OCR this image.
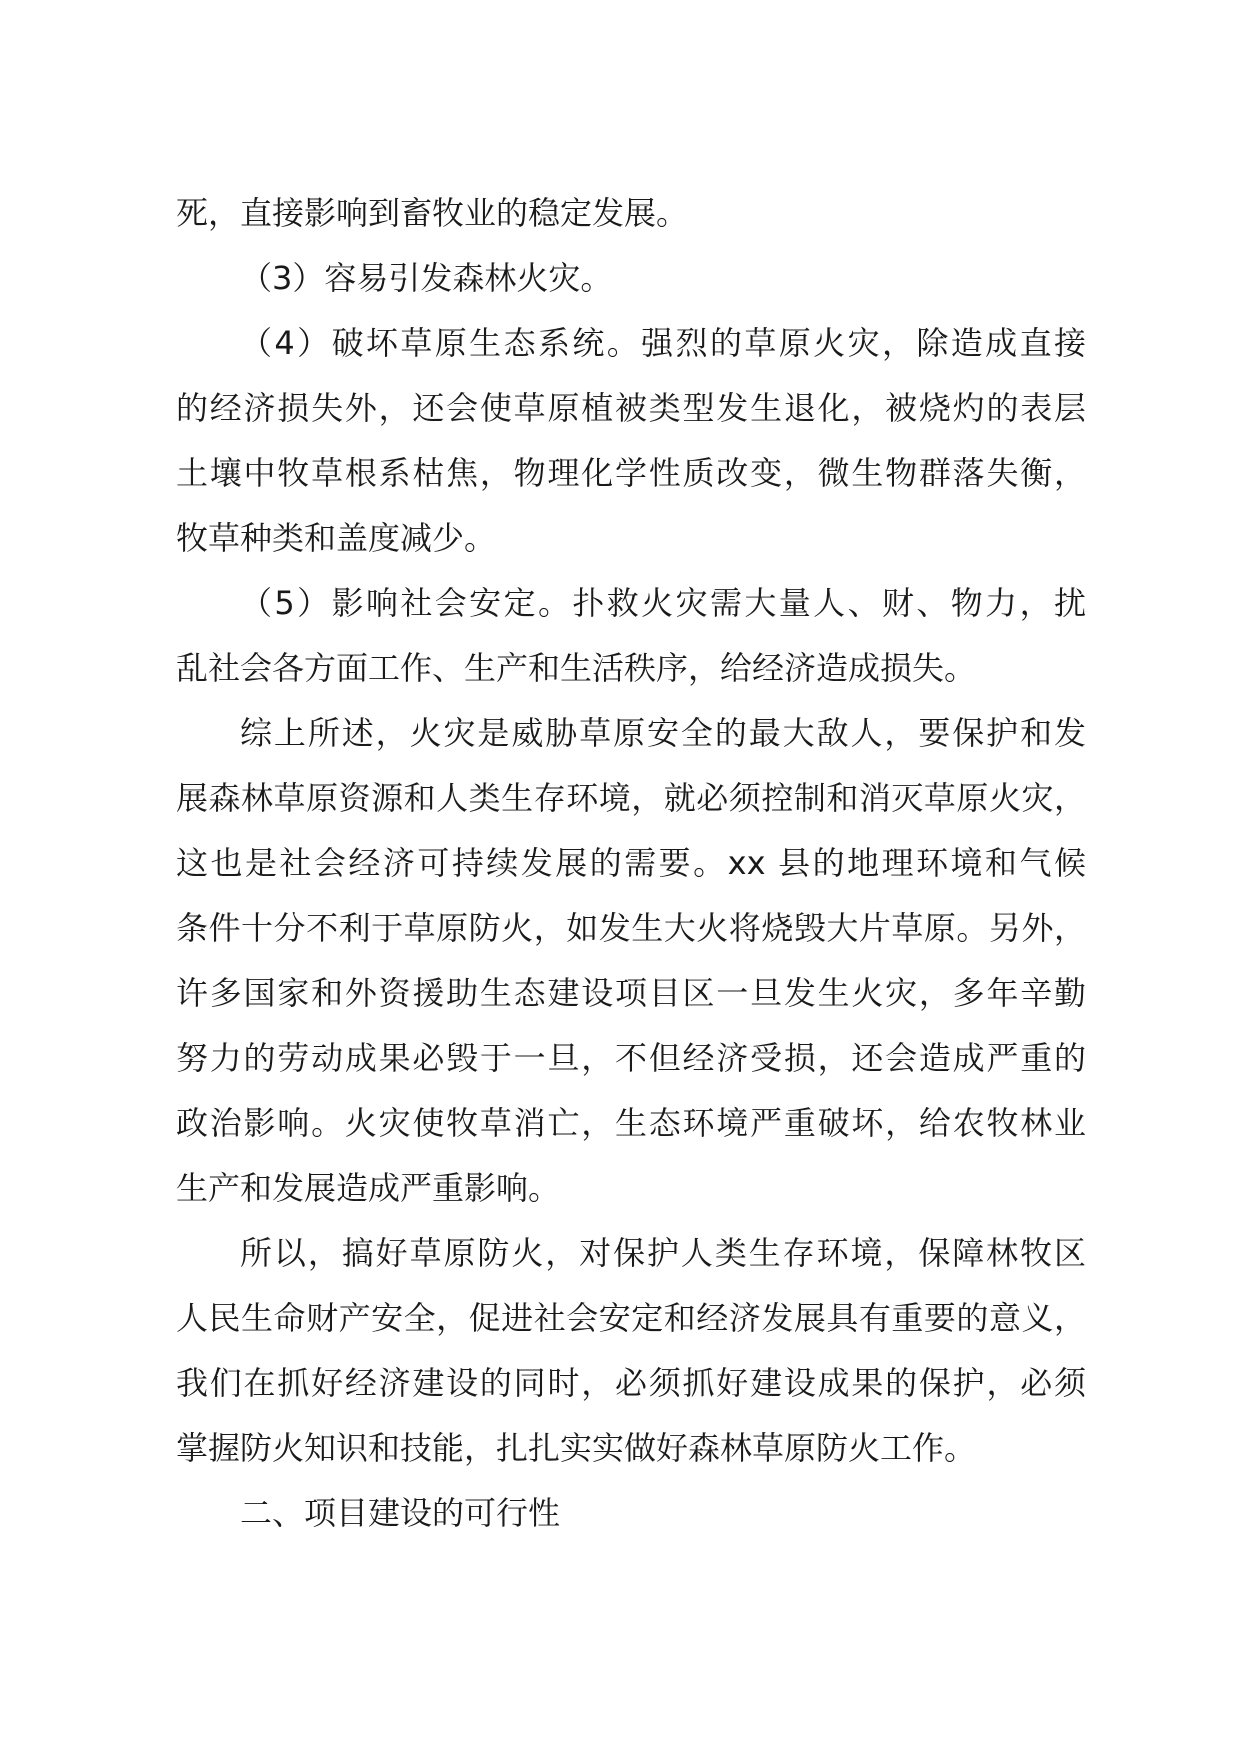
死，直接影响到畜牧业的稳定发展。
（3）容易引发森林火灾。
（4）破坏草原生态系统。强烈的草原火灾，除造成直接
的经济损失外，还会使草原植被类型发生退化，被烧灼的表层
土壤中牧草根系枯焦，物理化学性质改变，微生物群落失衡，
牧草种类和盖度减少。
（5）影响社会安定。扑救火灾需大量人、财、物力，扰
乱社会各方面工作、生产和生活秩序，给经济造成损失。
综上所述，火灾是威胁草原安全的最大敌人，要保护和发
展森林草原资源和人类生存环境，就必须控制和消灭草原火灾，
这也是社会经济可持续发展的需要。xx 县的地理环境和气候
条件十分不利于草原防火，如发生大火将烧毁大片草原。另外，
许多国家和外资援助生态建设项目区一旦发生火灾，多年辛勤
努力的劳动成果必毁于一旦，不但经济受损，还会造成严重的
政治影响。火灾使牧草消亡，生态环境严重破坏，给农牧林业
生产和发展造成严重影响。
所以，搞好草原防火，对保护人类生存环境，保障林牧区
人民生命财产安全，促进社会安定和经济发展具有重要的意义，
我们在抓好经济建设的同时，必须抓好建设成果的保护，必须
掌握防火知识和技能，扎扎实实做好森林草原防火工作。
二、项目建设的可行性
